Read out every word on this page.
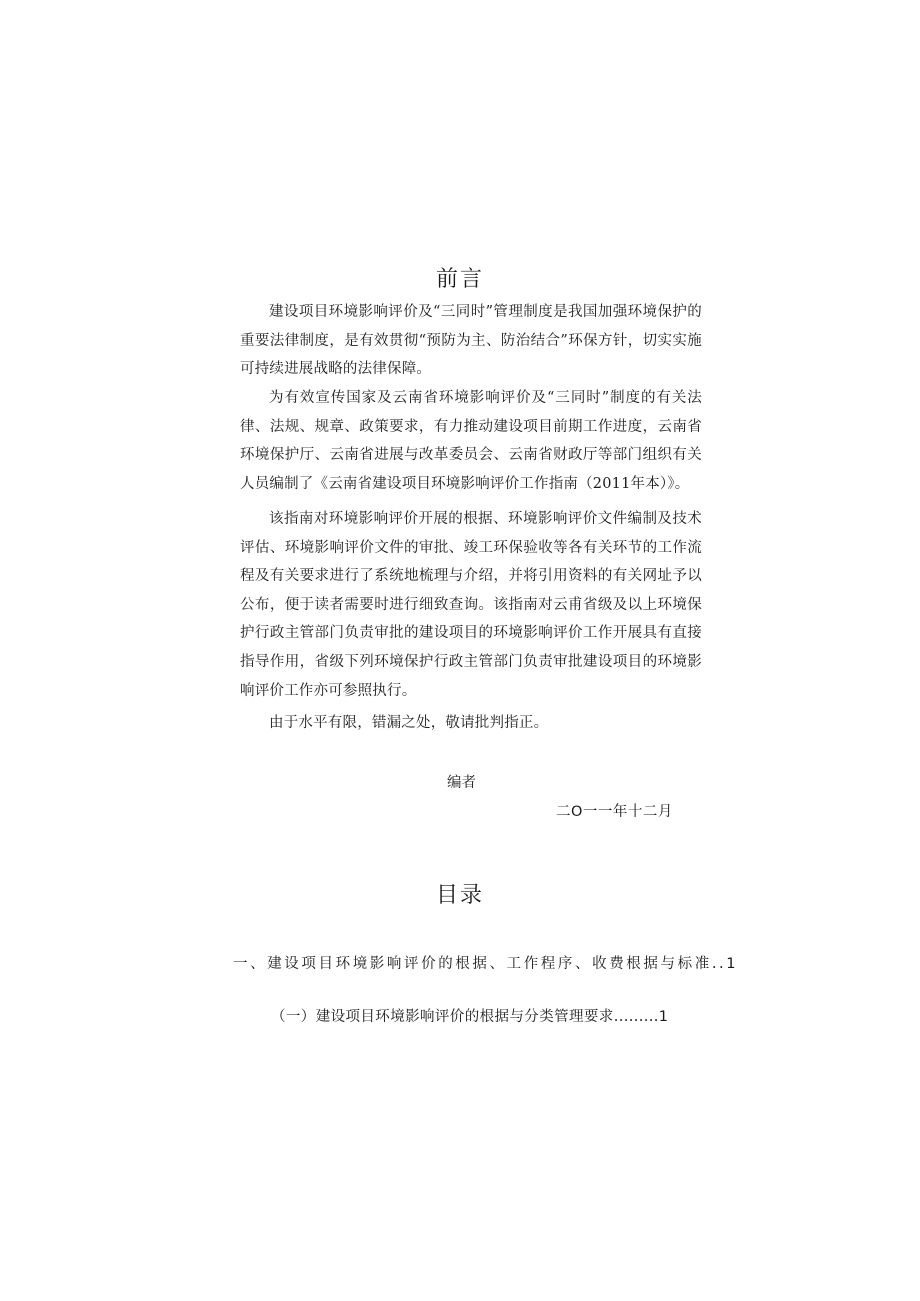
前言

建设项目环境影响评价及“三同时”管理制度是我国加强环境保护的重要法律制度，是有效贯彻“预防为主、防治结合”环保方针，切实实施可持续进展战略的法律保障。

为有效宣传国家及云南省环境影响评价及“三同时”制度的有关法律、法规、规章、政策要求，有力推动建设项目前期工作进度，云南省环境保护厅、云南省进展与改革委员会、云南省财政厅等部门组织有关人员编制了《云南省建设项目环境影响评价工作指南（2011年本）》。

该指南对环境影响评价开展的根据、环境影响评价文件编制及技术评估、环境影响评价文件的审批、竣工环保验收等各有关环节的工作流程及有关要求进行了系统地梳理与介绍，并将引用资料的有关网址予以公布，便于读者需要时进行细致查询。该指南对云甫省级及以上环境保护行政主管部门负责审批的建设项目的环境影响评价工作开展具有直接指导作用，省级下列环境保护行政主管部门负责审批建设项目的环境影响评价工作亦可参照执行。

由于水平有限，错漏之处，敬请批判指正。

编者

二O一一年十二月

目录

一、建设项目环境影响评价的根据、工作程序、收费根据与标准..1

（一）建设项目环境影响评价的根据与分类管理要求.........1
